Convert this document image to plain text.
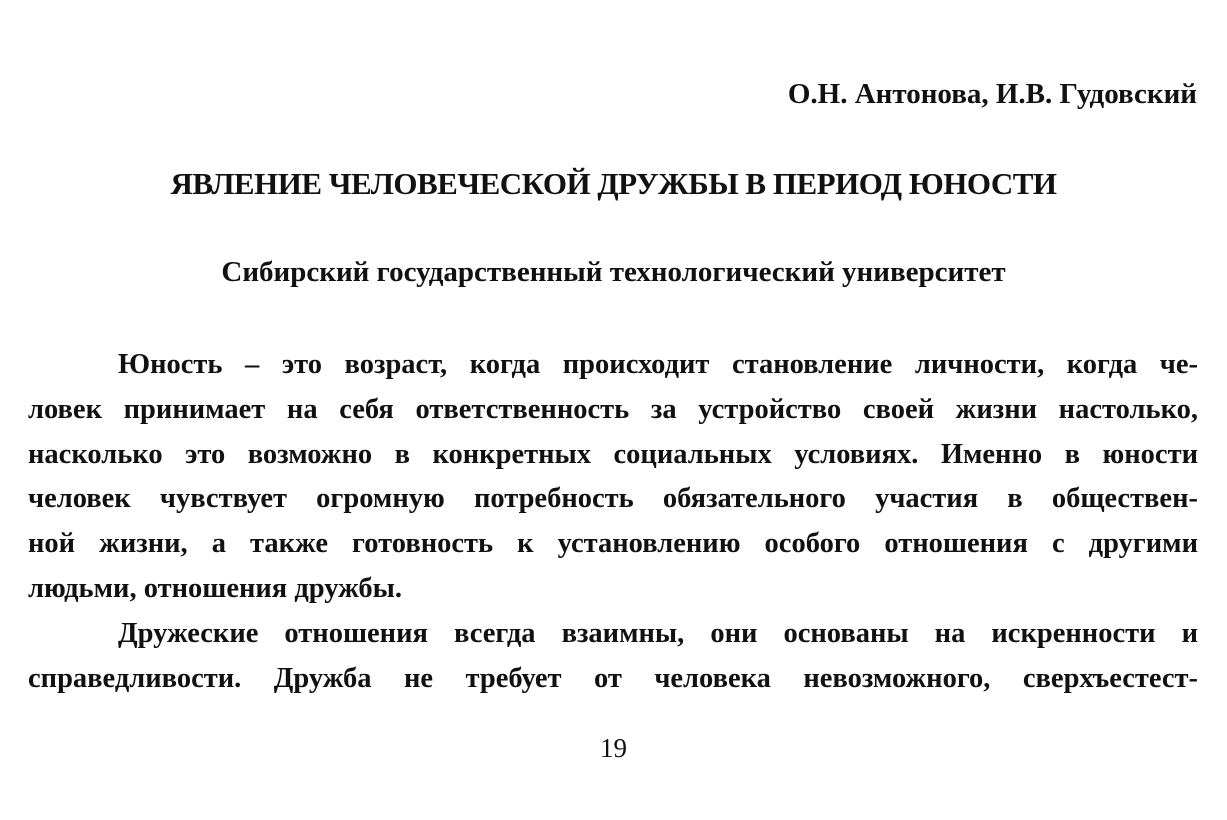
О.Н. Антонова, И.В. Гудовский
ЯВЛЕНИЕ ЧЕЛОВЕЧЕСКОЙ ДРУЖБЫ В ПЕРИОД ЮНОСТИ
Сибирский государственный технологический университет
Юность – это возраст, когда происходит становление личности, когда че-
ловек принимает на себя ответственность за устройство своей жизни настолько,
насколько это возможно в конкретных социальных условиях. Именно в юности
человек чувствует огромную потребность обязательного участия в обществен-
ной жизни, а также готовность к установлению особого отношения с другими
людьми, отношения дружбы.
Дружеские отношения всегда взаимны, они основаны на искренности и
справедливости. Дружба не требует от человека невозможного, сверхъестест-
19
